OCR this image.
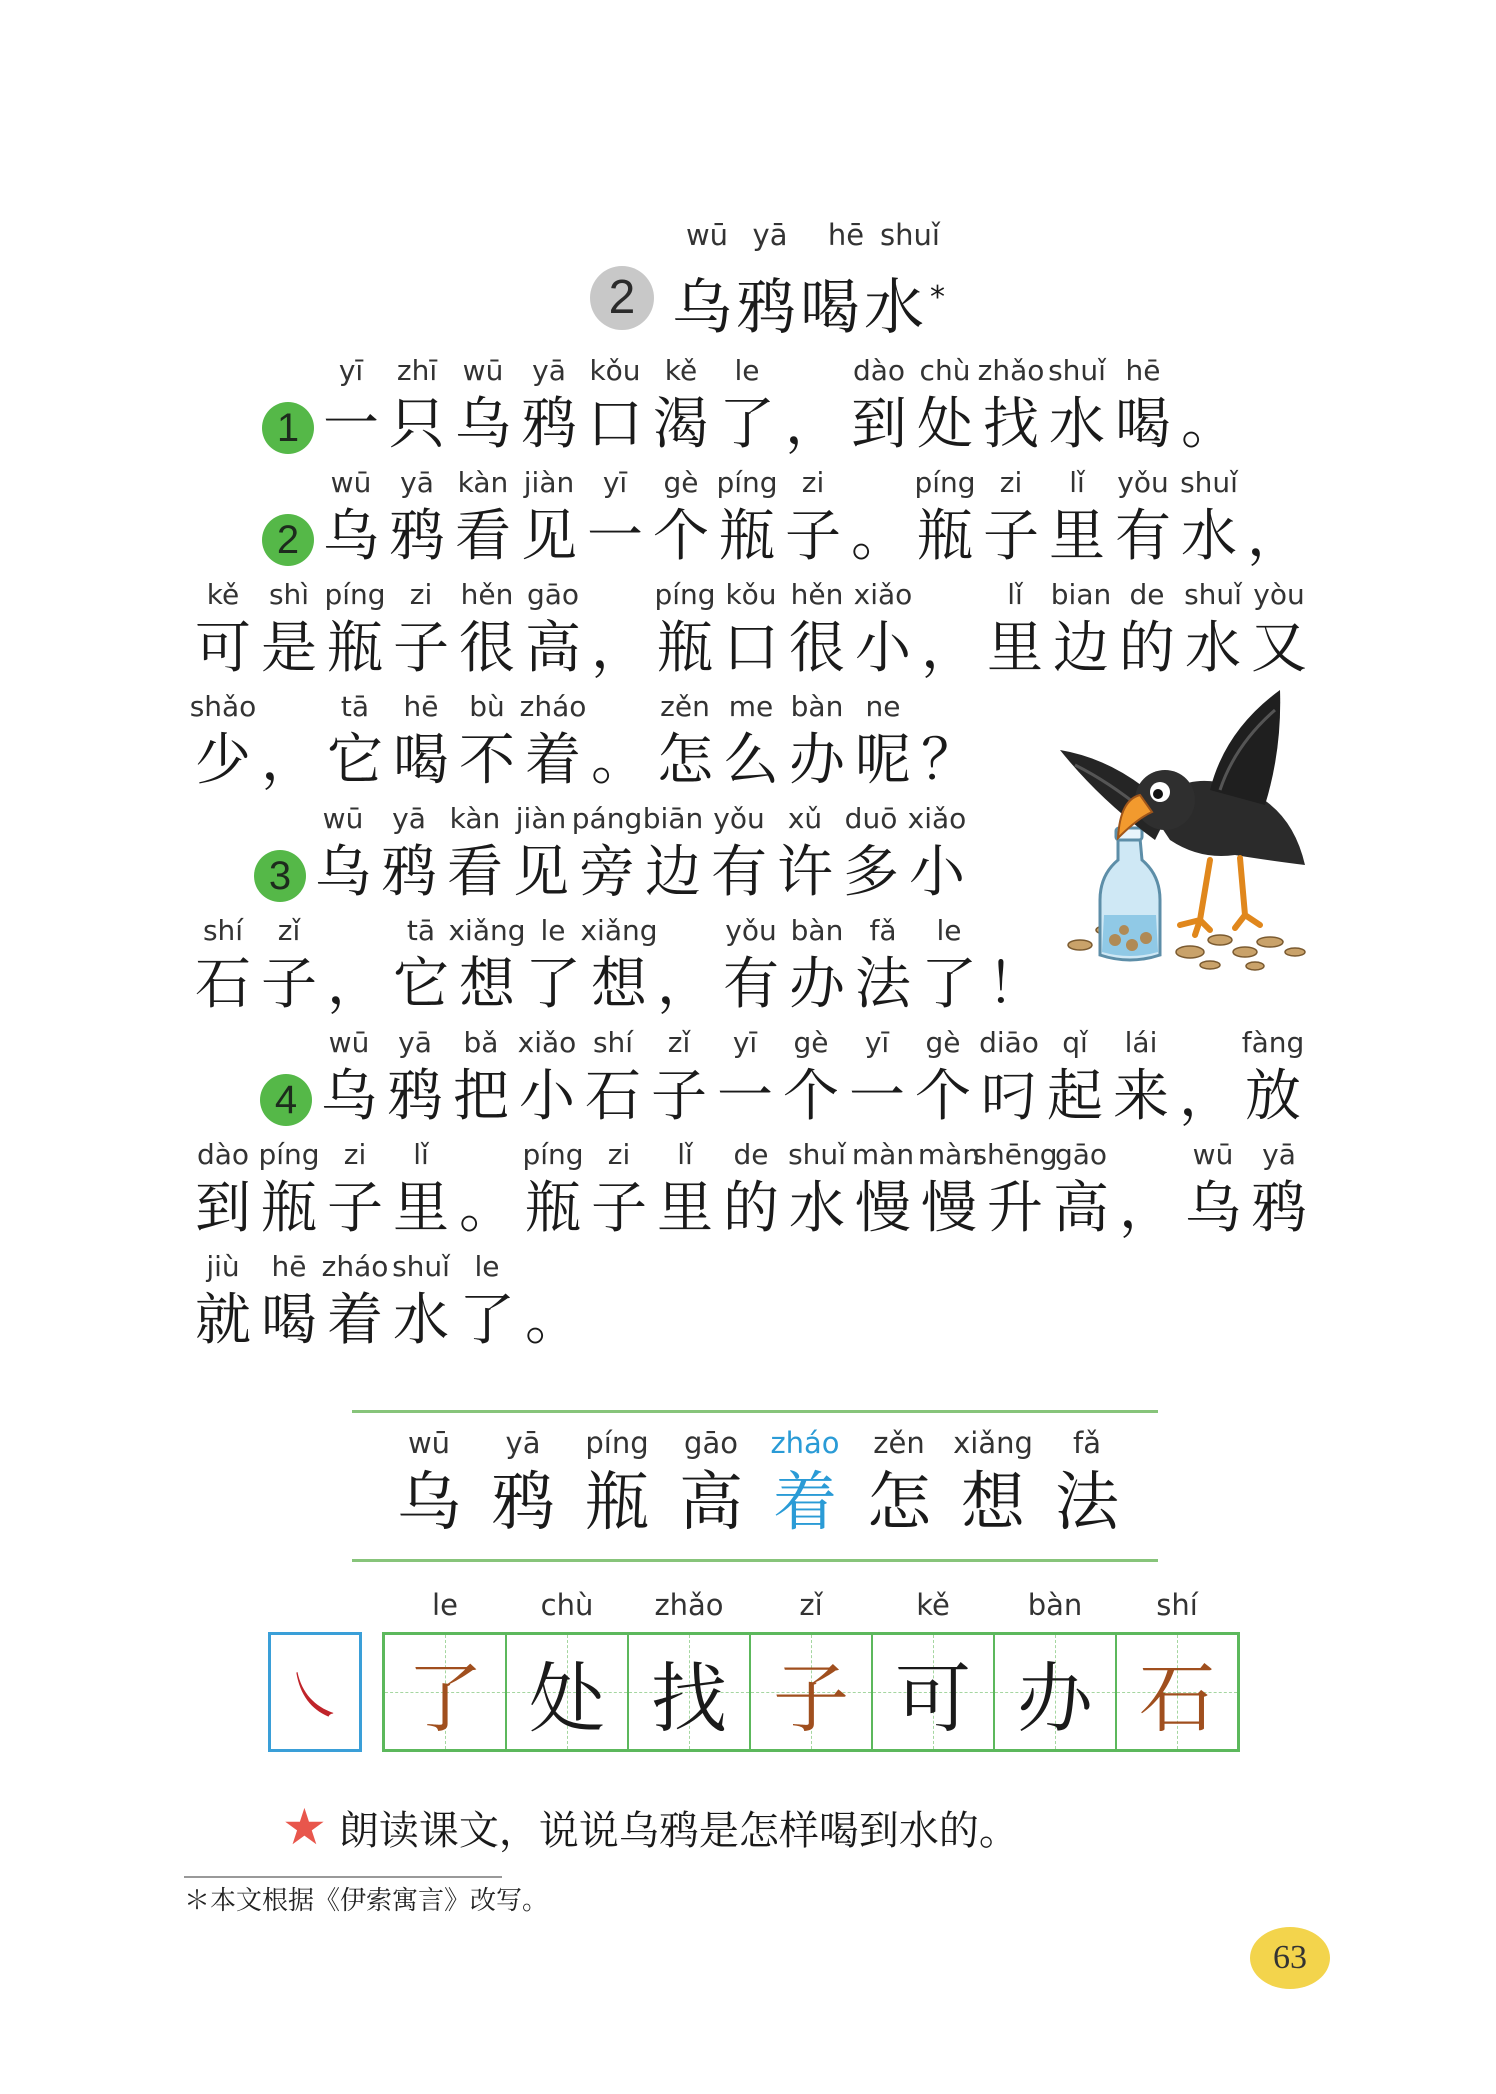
wū yā hē shuǐ
2 乌鸦喝水*
1
yī
一
zhī
只
wū
乌
yā
鸦
kǒu
口
kě
渴
le
了 ，
dào
到
chù
处
zhǎo
找
shuǐ
水
hē
喝 。
2
wū
乌
yā
鸦
kàn
看
jiàn
见
yī
一
gè
个
píng
瓶
zi
子 。
píng
瓶
zi
子
lǐ
里
yǒu
有
shuǐ
水 ，
kě
可
shì
是
píng
瓶
zi
子
hěn
很
gāo
高 ，
píng
瓶
kǒu
口
hěn
很
xiǎo
小 ，
lǐ
里
bian
边
de
的
shuǐ
水
yòu
又
shǎo
少 ，
tā
它
hē
喝
bù
不
zháo
着 。
zěn
怎
me
么
bàn
办
ne
呢 ？
3
wū
乌
yā
鸦
kàn
看
jiàn
见
páng
旁
biān
边
yǒu
有
xǔ
许
duō
多
xiǎo
小
shí
石
zǐ
子 ，
tā
它
xiǎng
想
le
了
xiǎng
想 ，
yǒu
有
bàn
办
fǎ
法
le
了 ！
4
wū
乌
yā
鸦
bǎ
把
xiǎo
小
shí
石
zǐ
子
yī
一
gè
个
yī
一
gè
个
diāo
叼
qǐ
起
lái
来 ，
fàng
放
dào
到
píng
瓶
zi
子
lǐ
里 。
píng
瓶
zi
子
lǐ
里
de
的
shuǐ
水
màn
慢
màn
慢
shēng
升
gāo
高 ，
wū
乌
yā
鸦
jiù
就
hē
喝
zháo
着
shuǐ
水
le
了 。
wū
乌
yā
鸦
píng
瓶
gāo
高
zháo
着
zěn
怎
xiǎng
想
fǎ
法
㇏ 了 处 找 子 可 办 石
le	chù zhǎo	zǐ	kě	bàn	shí
★ 朗读课文，说说乌鸦是怎样喝到水的。
＊本文根据《伊索寓言》改写。
63
